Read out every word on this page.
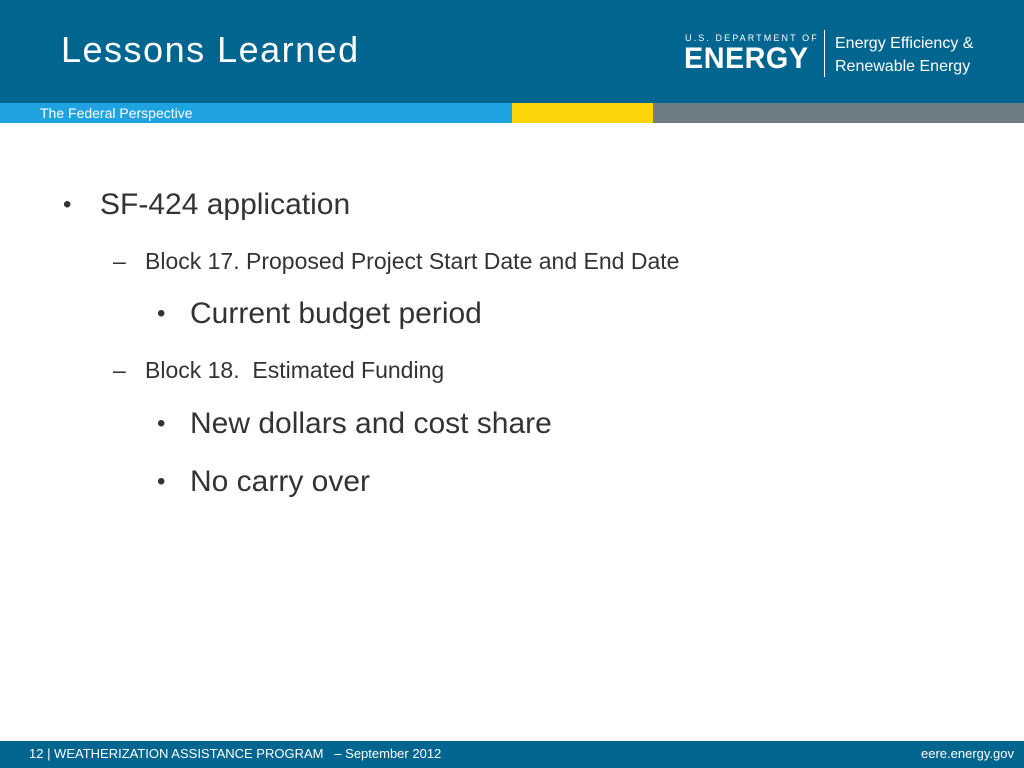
Lessons Learned	U.S. DEPARTMENT OF
ENERGY Energy Efficiency &
Renewable Energy
The Federal Perspective
• SF-424 application
– Block 17. Proposed Project Start Date and End Date
• Current budget period
– Block 18.  Estimated Funding
• New dollars and cost share
• No carry over
12 | WEATHERIZATION ASSISTANCE PROGRAM   – September 2012	eere.energy.gov
